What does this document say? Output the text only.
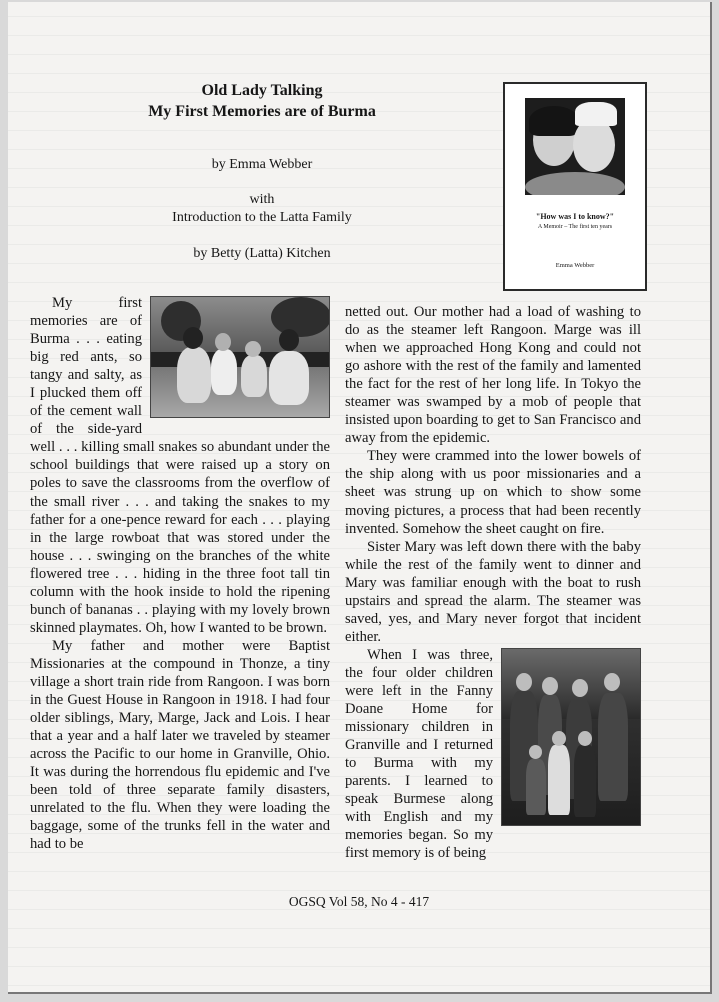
Old Lady Talking
My First Memories are of Burma

by Emma Webber

with

Introduction to the Latta Family

by Betty (Latta) Kitchen

"How was I to know?"
A Memoir – The first ten years
Emma Webber

My first memories are of Burma . . . eating big red ants, so tangy and salty, as I plucked them off of the cement wall of the side-yard well . . . killing small snakes so abundant under the school buildings that were raised up a story on poles to save the classrooms from the overflow of the small river . . . and taking the snakes to my father for a one-pence reward for each . . . playing in the large rowboat that was stored under the house . . . swinging on the branches of the white flowered tree . . . hiding in the three foot tall tin column with the hook inside to hold the ripening bunch of bananas . . playing with my lovely brown skinned playmates. Oh, how I wanted to be brown.

My father and mother were Baptist Missionaries at the compound in Thonze, a tiny village a short train ride from Rangoon. I was born in the Guest House in Rangoon in 1918. I had four older siblings, Mary, Marge, Jack and Lois. I hear that a year and a half later we traveled by steamer across the Pacific to our home in Granville, Ohio. It was during the horrendous flu epidemic and I've been told of three separate family disasters, unrelated to the flu. When they were loading the baggage, some of the trunks fell in the water and had to be

netted out. Our mother had a load of washing to do as the steamer left Rangoon. Marge was ill when we approached Hong Kong and could not go ashore with the rest of the family and lamented the fact for the rest of her long life. In Tokyo the steamer was swamped by a mob of people that insisted upon boarding to get to San Francisco and away from the epidemic.

They were crammed into the lower bowels of the ship along with us poor missionaries and a sheet was strung up on which to show some moving pictures, a process that had been recently invented. Somehow the sheet caught on fire.

Sister Mary was left down there with the baby while the rest of the family went to dinner and Mary was familiar enough with the boat to rush upstairs and spread the alarm. The steamer was saved, yes, and Mary never forgot that incident either.

When I was three, the four older children were left in the Fanny Doane Home for missionary children in Granville and I returned to Burma with my parents. I learned to speak Burmese along with English and my memories began. So my first memory is of being

OGSQ Vol 58, No 4 - 417
